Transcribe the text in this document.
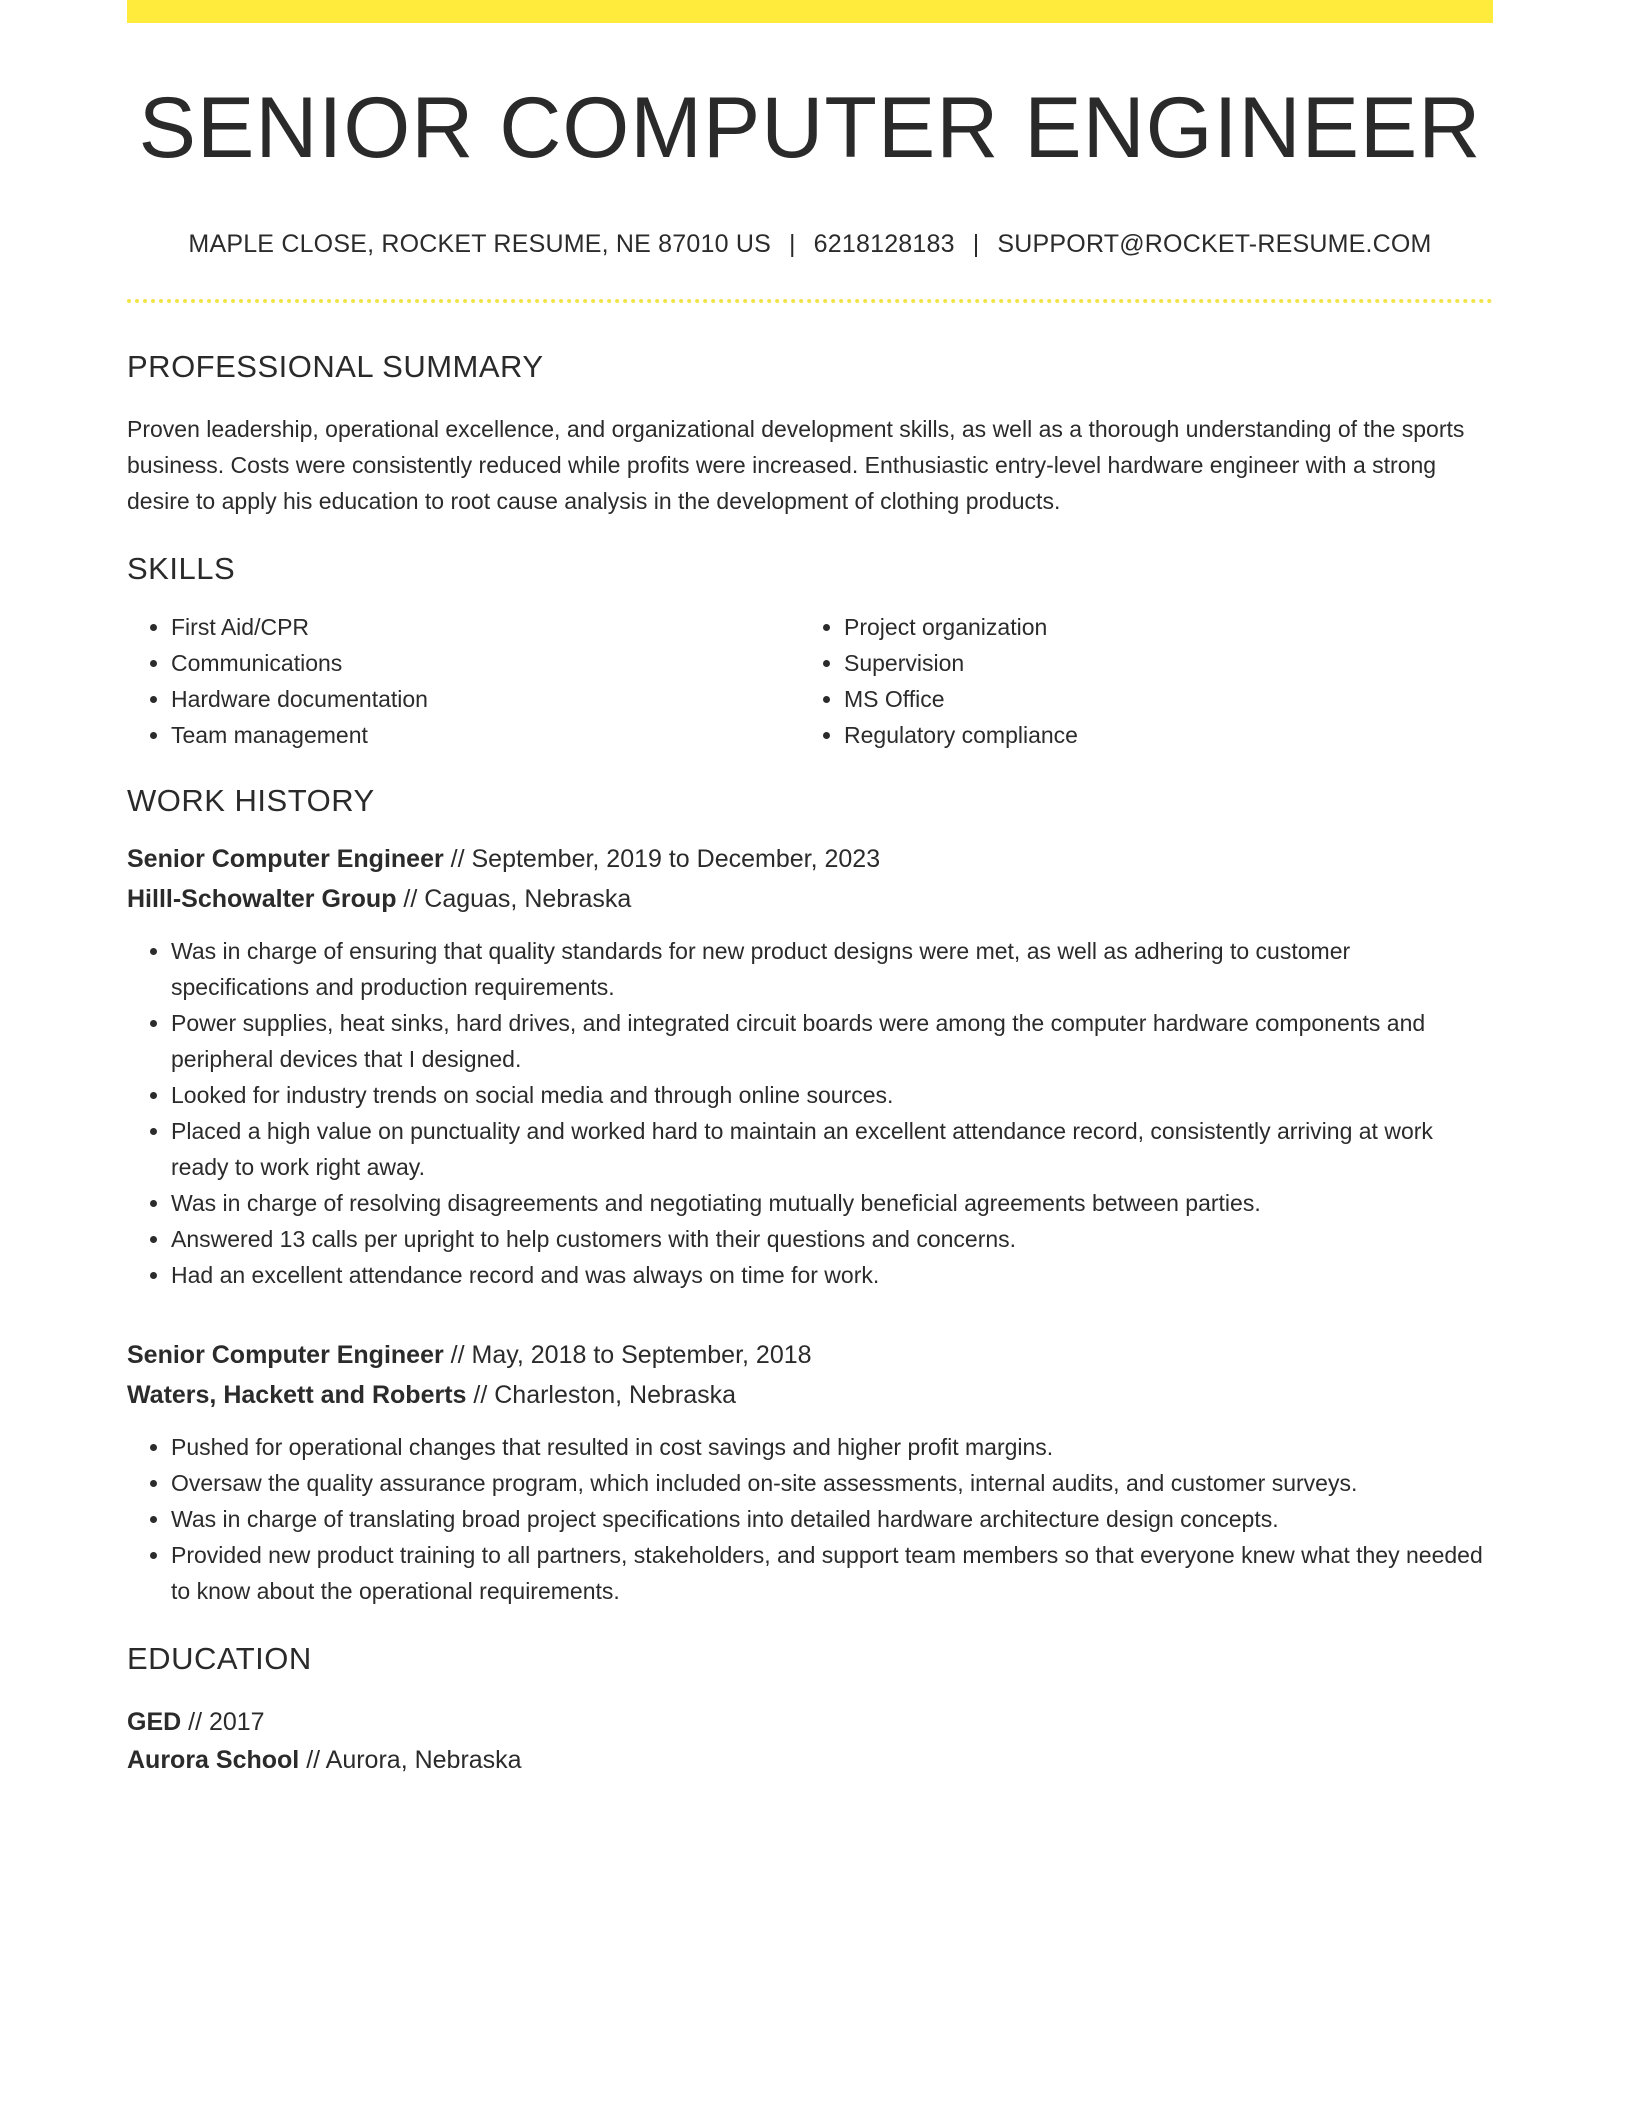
SENIOR COMPUTER ENGINEER
MAPLE CLOSE, ROCKET RESUME, NE 87010 US | 6218128183 | SUPPORT@ROCKET-RESUME.COM
PROFESSIONAL SUMMARY

Proven leadership, operational excellence, and organizational development skills, as well as a thorough understanding of the sports business. Costs were consistently reduced while profits were increased. Enthusiastic entry-level hardware engineer with a strong desire to apply his education to root cause analysis in the development of clothing products.

SKILLS
• First Aid/CPR
• Communications
• Hardware documentation
• Team management
• Project organization
• Supervision
• MS Office
• Regulatory compliance
WORK HISTORY
Senior Computer Engineer // September, 2019 to December, 2023
Hilll-Schowalter Group // Caguas, Nebraska
• Was in charge of ensuring that quality standards for new product designs were met, as well as adhering to customer specifications and production requirements.
• Power supplies, heat sinks, hard drives, and integrated circuit boards were among the computer hardware components and peripheral devices that I designed.
• Looked for industry trends on social media and through online sources.
• Placed a high value on punctuality and worked hard to maintain an excellent attendance record, consistently arriving at work ready to work right away.
• Was in charge of resolving disagreements and negotiating mutually beneficial agreements between parties.
• Answered 13 calls per upright to help customers with their questions and concerns.
• Had an excellent attendance record and was always on time for work.
Senior Computer Engineer // May, 2018 to September, 2018
Waters, Hackett and Roberts // Charleston, Nebraska
• Pushed for operational changes that resulted in cost savings and higher profit margins.
• Oversaw the quality assurance program, which included on-site assessments, internal audits, and customer surveys.
• Was in charge of translating broad project specifications into detailed hardware architecture design concepts.
• Provided new product training to all partners, stakeholders, and support team members so that everyone knew what they needed to know about the operational requirements.
EDUCATION
GED // 2017
Aurora School // Aurora, Nebraska
